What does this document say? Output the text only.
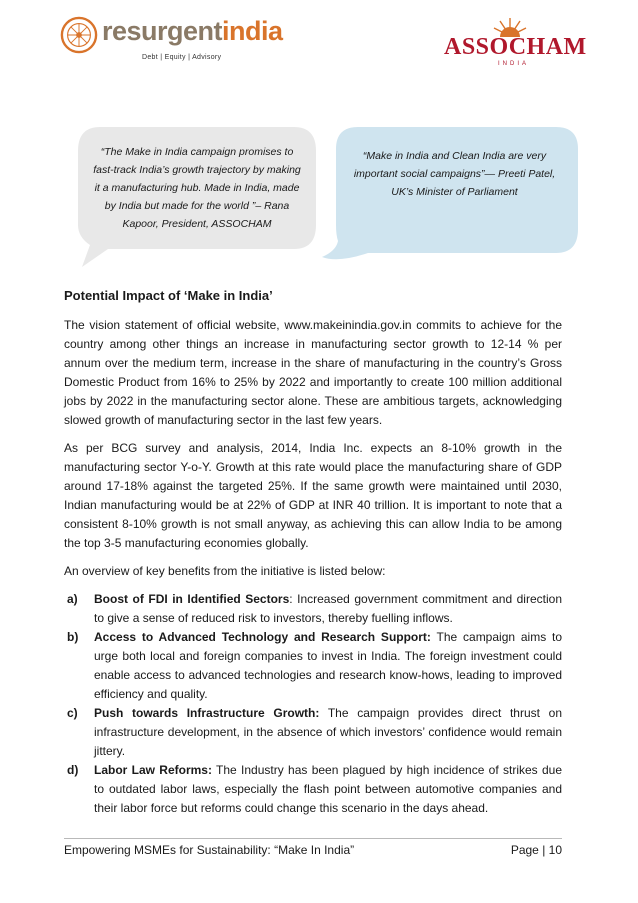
resurgentindia
Debt | Equity | Advisory	ASSOCHAM
INDIA
“The Make in India campaign promises to fast-track India’s growth trajectory by making it a manufacturing hub. Made in India, made by India but made for the world ”– Rana Kapoor, President, ASSOCHAM
“Make in India and Clean India are very important social campaigns”— Preeti Patel, UK’s Minister of Parliament
Potential Impact of ‘Make in India’

The vision statement of official website, www.makeinindia.gov.in commits to achieve for the country among other things an increase in manufacturing sector growth to 12-14 % per annum over the medium term, increase in the share of manufacturing in the country’s Gross Domestic Product from 16% to 25% by 2022 and importantly to create 100 million additional jobs by 2022 in the manufacturing sector alone. These are ambitious targets, acknowledging slowed growth of manufacturing sector in the last few years.

As per BCG survey and analysis, 2014, India Inc. expects an 8-10% growth in the manufacturing sector Y-o-Y. Growth at this rate would place the manufacturing share of GDP around 17-18% against the targeted 25%. If the same growth were maintained until 2030, Indian manufacturing would be at 22% of GDP at INR 40 trillion. It is important to note that a consistent 8-10% growth is not small anyway, as achieving this can allow India to be among the top 3-5 manufacturing economies globally.

An overview of key benefits from the initiative is listed below:

a) Boost of FDI in Identified Sectors: Increased government commitment and direction to give a sense of reduced risk to investors, thereby fuelling inflows.
b) Access to Advanced Technology and Research Support: The campaign aims to urge both local and foreign companies to invest in India. The foreign investment could enable access to advanced technologies and research know-hows, leading to improved efficiency and quality.
c) Push towards Infrastructure Growth: The campaign provides direct thrust on infrastructure development, in the absence of which investors’ confidence would remain jittery.
d) Labor Law Reforms: The Industry has been plagued by high incidence of strikes due to outdated labor laws, especially the flash point between automotive companies and their labor force but reforms could change this scenario in the days ahead.
Empowering MSMEs for Sustainability: “Make In India”	Page | 10
